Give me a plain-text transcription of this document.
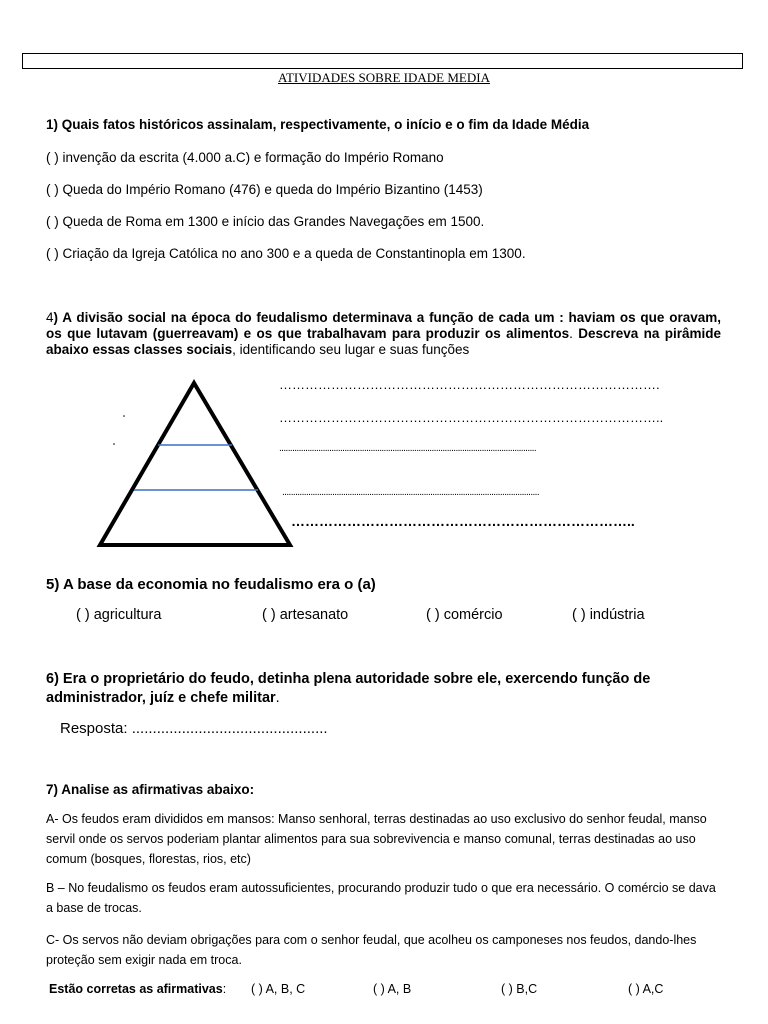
ATIVIDADES SOBRE IDADE MEDIA
1) Quais fatos históricos assinalam, respectivamente, o início e o fim da Idade Média
( ) invenção da escrita (4.000 a.C) e formação do Império Romano
( ) Queda do Império Romano (476) e queda do Império Bizantino (1453)
( ) Queda de Roma em 1300 e início das Grandes Navegações em 1500.
( ) Criação da Igreja Católica no ano 300 e a queda de Constantinopla em 1300.
4) A divisão social na época do feudalismo determinava a função de cada um : haviam os que oravam, os que lutavam (guerreavam) e os que trabalhavam para produzir os alimentos. Descreva na pirâmide abaixo essas classes sociais, identificando seu lugar e suas funções
…………………………………………………………………………….
……………………………………………………………………………..
......................................................................................................................
......................................................................................................................
………………………………………………………………..
5) A base da economia no feudalismo era o (a)
( ) agricultura	( ) artesanato	( ) comércio	( ) indústria
6) Era o proprietário do feudo, detinha plena autoridade sobre ele, exercendo função de administrador, juíz e chefe militar.
Resposta: ...............................................
7) Analise as afirmativas abaixo:
A- Os feudos eram divididos em mansos: Manso senhoral, terras destinadas ao uso exclusivo do senhor feudal, manso servil onde os servos poderiam plantar alimentos para sua sobrevivencia e manso comunal, terras destinadas ao uso comum (bosques, florestas, rios, etc)
B – No feudalismo os feudos eram autossuficientes, procurando produzir tudo o que era necessário. O comércio se dava a base de trocas.
C- Os servos não deviam obrigações para com o senhor feudal, que acolheu os camponeses nos feudos, dando-lhes proteção sem exigir nada em troca.
Estão corretas as afirmativas: ( ) A, B, C	( ) A, B	( ) B,C	( ) A,C
